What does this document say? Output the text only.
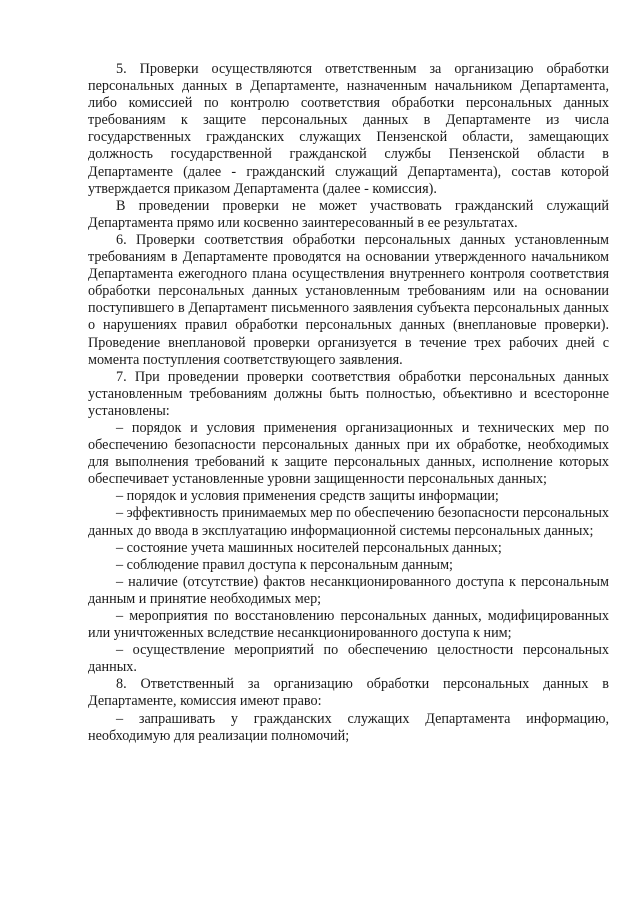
5. Проверки осуществляются ответственным за организацию обработки персональных данных в Департаменте, назначенным начальником Департамента, либо комиссией по контролю соответствия обработки персональных данных требованиям к защите персональных данных в Департаменте из числа государственных гражданских служащих Пензенской области, замещающих должность государственной гражданской службы Пензенской области в Департаменте (далее - гражданский служащий Департамента), состав которой утверждается приказом Департамента (далее - комиссия).

В проведении проверки не может участвовать гражданский служащий Департамента прямо или косвенно заинтересованный в ее результатах.

6. Проверки соответствия обработки персональных данных установленным требованиям в Департаменте проводятся на основании утвержденного начальником Департамента ежегодного плана осуществления внутреннего контроля соответствия обработки персональных данных установленным требованиям или на основании поступившего в Департамент письменного заявления субъекта персональных данных о нарушениях правил обработки персональных данных (внеплановые проверки). Проведение внеплановой проверки организуется в течение трех рабочих дней с момента поступления соответствующего заявления.

7. При проведении проверки соответствия обработки персональных данных установленным требованиям должны быть полностью, объективно и всесторонне установлены:

– порядок и условия применения организационных и технических мер по обеспечению безопасности персональных данных при их обработке, необходимых для выполнения требований к защите персональных данных, исполнение которых обеспечивает установленные уровни защищенности персональных данных;

– порядок и условия применения средств защиты информации;

– эффективность принимаемых мер по обеспечению безопасности персональных данных до ввода в эксплуатацию информационной системы персональных данных;

– состояние учета машинных носителей персональных данных;

– соблюдение правил доступа к персональным данным;

– наличие (отсутствие) фактов несанкционированного доступа к персональным данным и принятие необходимых мер;

– мероприятия по восстановлению персональных данных, модифицированных или уничтоженных вследствие несанкционированного доступа к ним;

– осуществление мероприятий по обеспечению целостности персональных данных.

8. Ответственный за организацию обработки персональных данных в Департаменте, комиссия имеют право:

– запрашивать у гражданских служащих Департамента информацию, необходимую для реализации полномочий;
